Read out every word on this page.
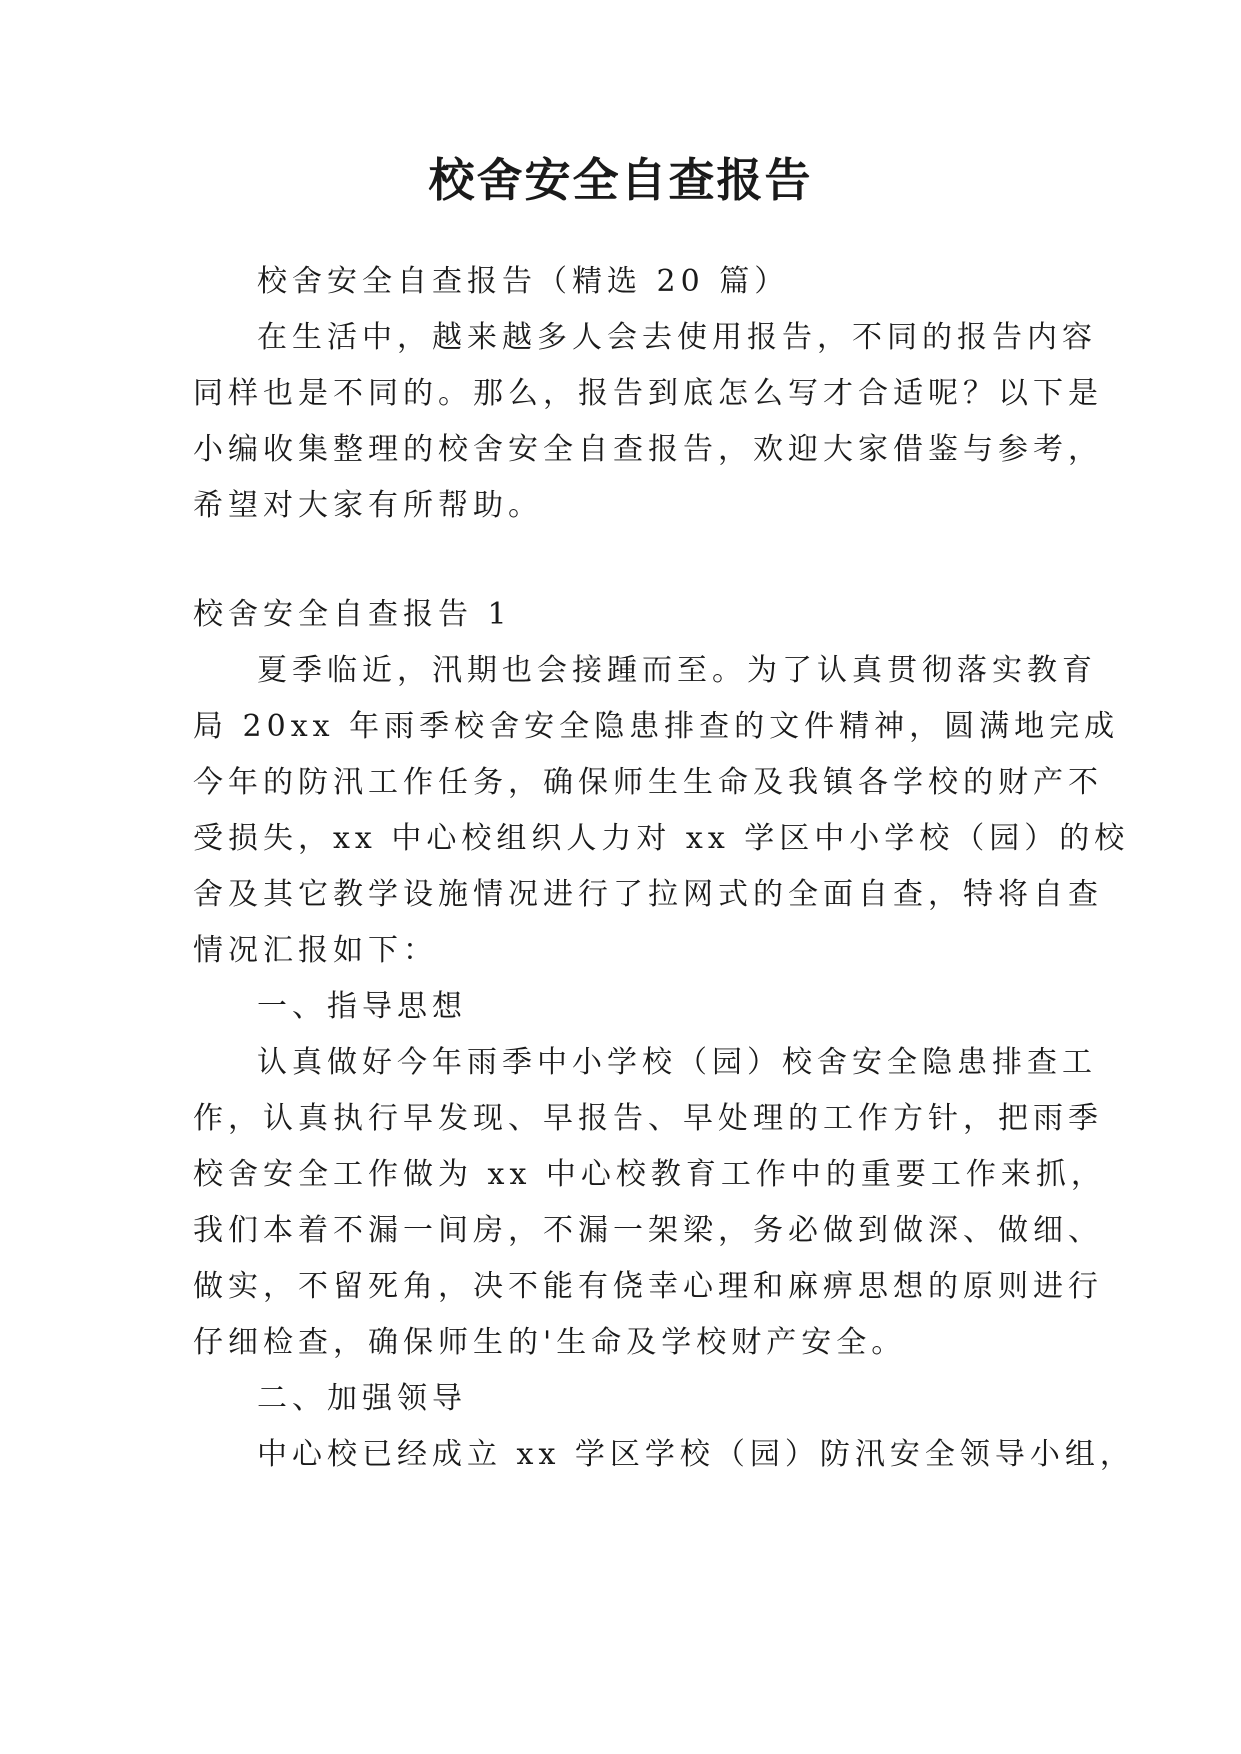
校舍安全自查报告

校舍安全自查报告（精选 20 篇）

在生活中，越来越多人会去使用报告，不同的报告内容

同样也是不同的。那么，报告到底怎么写才合适呢？以下是

小编收集整理的校舍安全自查报告，欢迎大家借鉴与参考，

希望对大家有所帮助。

校舍安全自查报告 1

夏季临近，汛期也会接踵而至。为了认真贯彻落实教育

局 20xx 年雨季校舍安全隐患排查的文件精神，圆满地完成

今年的防汛工作任务，确保师生生命及我镇各学校的财产不

受损失，xx 中心校组织人力对 xx 学区中小学校（园）的校

舍及其它教学设施情况进行了拉网式的全面自查，特将自查

情况汇报如下：

一、指导思想

认真做好今年雨季中小学校（园）校舍安全隐患排查工

作，认真执行早发现、早报告、早处理的工作方针，把雨季

校舍安全工作做为 xx 中心校教育工作中的重要工作来抓，

我们本着不漏一间房，不漏一架梁，务必做到做深、做细、

做实，不留死角，决不能有侥幸心理和麻痹思想的原则进行

仔细检查，确保师生的'生命及学校财产安全。

二、加强领导

中心校已经成立 xx 学区学校（园）防汛安全领导小组，
